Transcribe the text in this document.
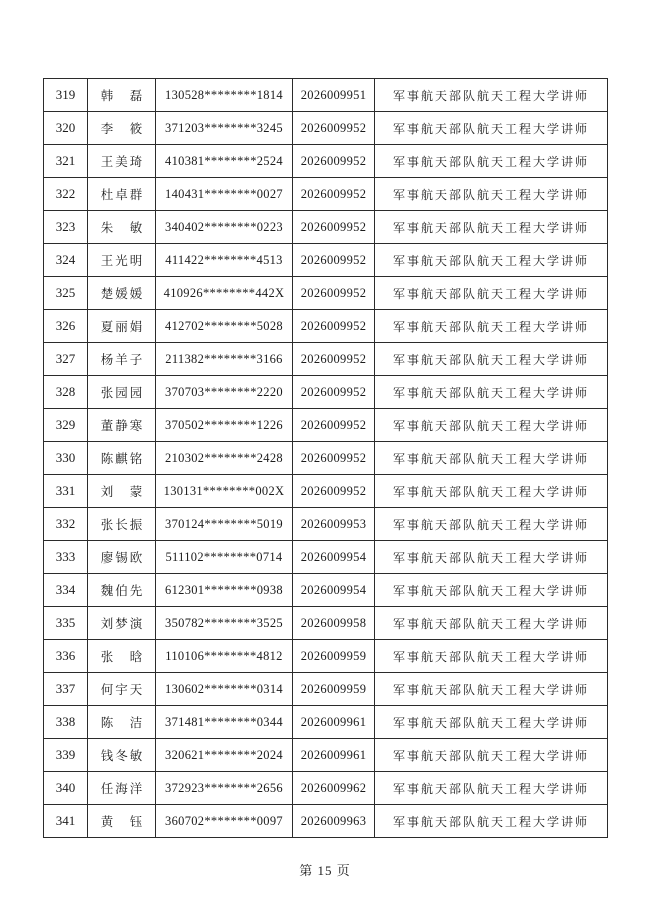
319	韩　磊	130528********1814	2026009951	军事航天部队航天工程大学讲师
320	李　筱	371203********3245	2026009952	军事航天部队航天工程大学讲师
321	王美琦	410381********2524	2026009952	军事航天部队航天工程大学讲师
322	杜卓群	140431********0027	2026009952	军事航天部队航天工程大学讲师
323	朱　敏	340402********0223	2026009952	军事航天部队航天工程大学讲师
324	王光明	411422********4513	2026009952	军事航天部队航天工程大学讲师
325	楚媛媛	410926********442X	2026009952	军事航天部队航天工程大学讲师
326	夏丽娟	412702********5028	2026009952	军事航天部队航天工程大学讲师
327	杨羊子	211382********3166	2026009952	军事航天部队航天工程大学讲师
328	张园园	370703********2220	2026009952	军事航天部队航天工程大学讲师
329	董静寒	370502********1226	2026009952	军事航天部队航天工程大学讲师
330	陈麒铭	210302********2428	2026009952	军事航天部队航天工程大学讲师
331	刘　蒙	130131********002X	2026009952	军事航天部队航天工程大学讲师
332	张长振	370124********5019	2026009953	军事航天部队航天工程大学讲师
333	廖锡欧	511102********0714	2026009954	军事航天部队航天工程大学讲师
334	魏伯先	612301********0938	2026009954	军事航天部队航天工程大学讲师
335	刘梦演	350782********3525	2026009958	军事航天部队航天工程大学讲师
336	张　晗	110106********4812	2026009959	军事航天部队航天工程大学讲师
337	何宇天	130602********0314	2026009959	军事航天部队航天工程大学讲师
338	陈　洁	371481********0344	2026009961	军事航天部队航天工程大学讲师
339	钱冬敏	320621********2024	2026009961	军事航天部队航天工程大学讲师
340	任海洋	372923********2656	2026009962	军事航天部队航天工程大学讲师
341	黄　钰	360702********0097	2026009963	军事航天部队航天工程大学讲师
第 15 页
